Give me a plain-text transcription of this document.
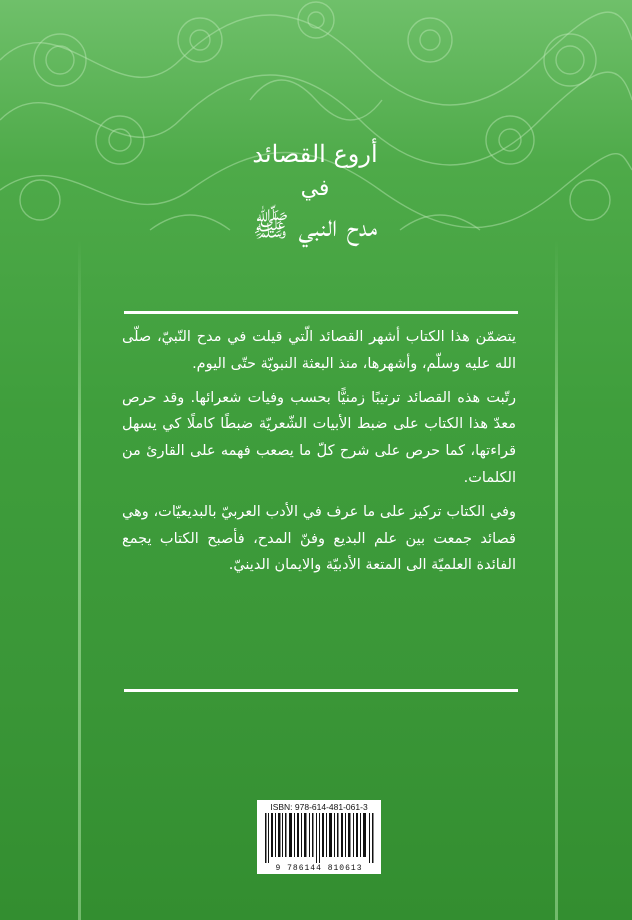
أروع القصائد
في
مدح النبي ﷺ

يتضمّن هذا الكتاب أشهر القصائد الّتي قيلت في مدح النّبيّ، صلّى الله عليه وسلّم، وأشهرها، منذ البعثة النبويّة حتّى اليوم.

رتّبت هذه القصائد ترتيبًا زمنيًّا بحسب وفيات شعرائها. وقد حرص معدّ هذا الكتاب على ضبط الأبيات الشّعريّة ضبطًا كاملًا كي يسهل قراءتها، كما حرص على شرح كلّ ما يصعب فهمه على القارئ من الكلمات.

وفي الكتاب تركيز على ما عرف في الأدب العربيّ بالبديعيّات، وهي قصائد جمعت بين علم البديع وفنّ المدح، فأصبح الكتاب يجمع الفائدة العلميّة الى المتعة الأدبيّة والايمان الدينيّ.

ISBN: 978-614-481-061-3
9 786144 810613
